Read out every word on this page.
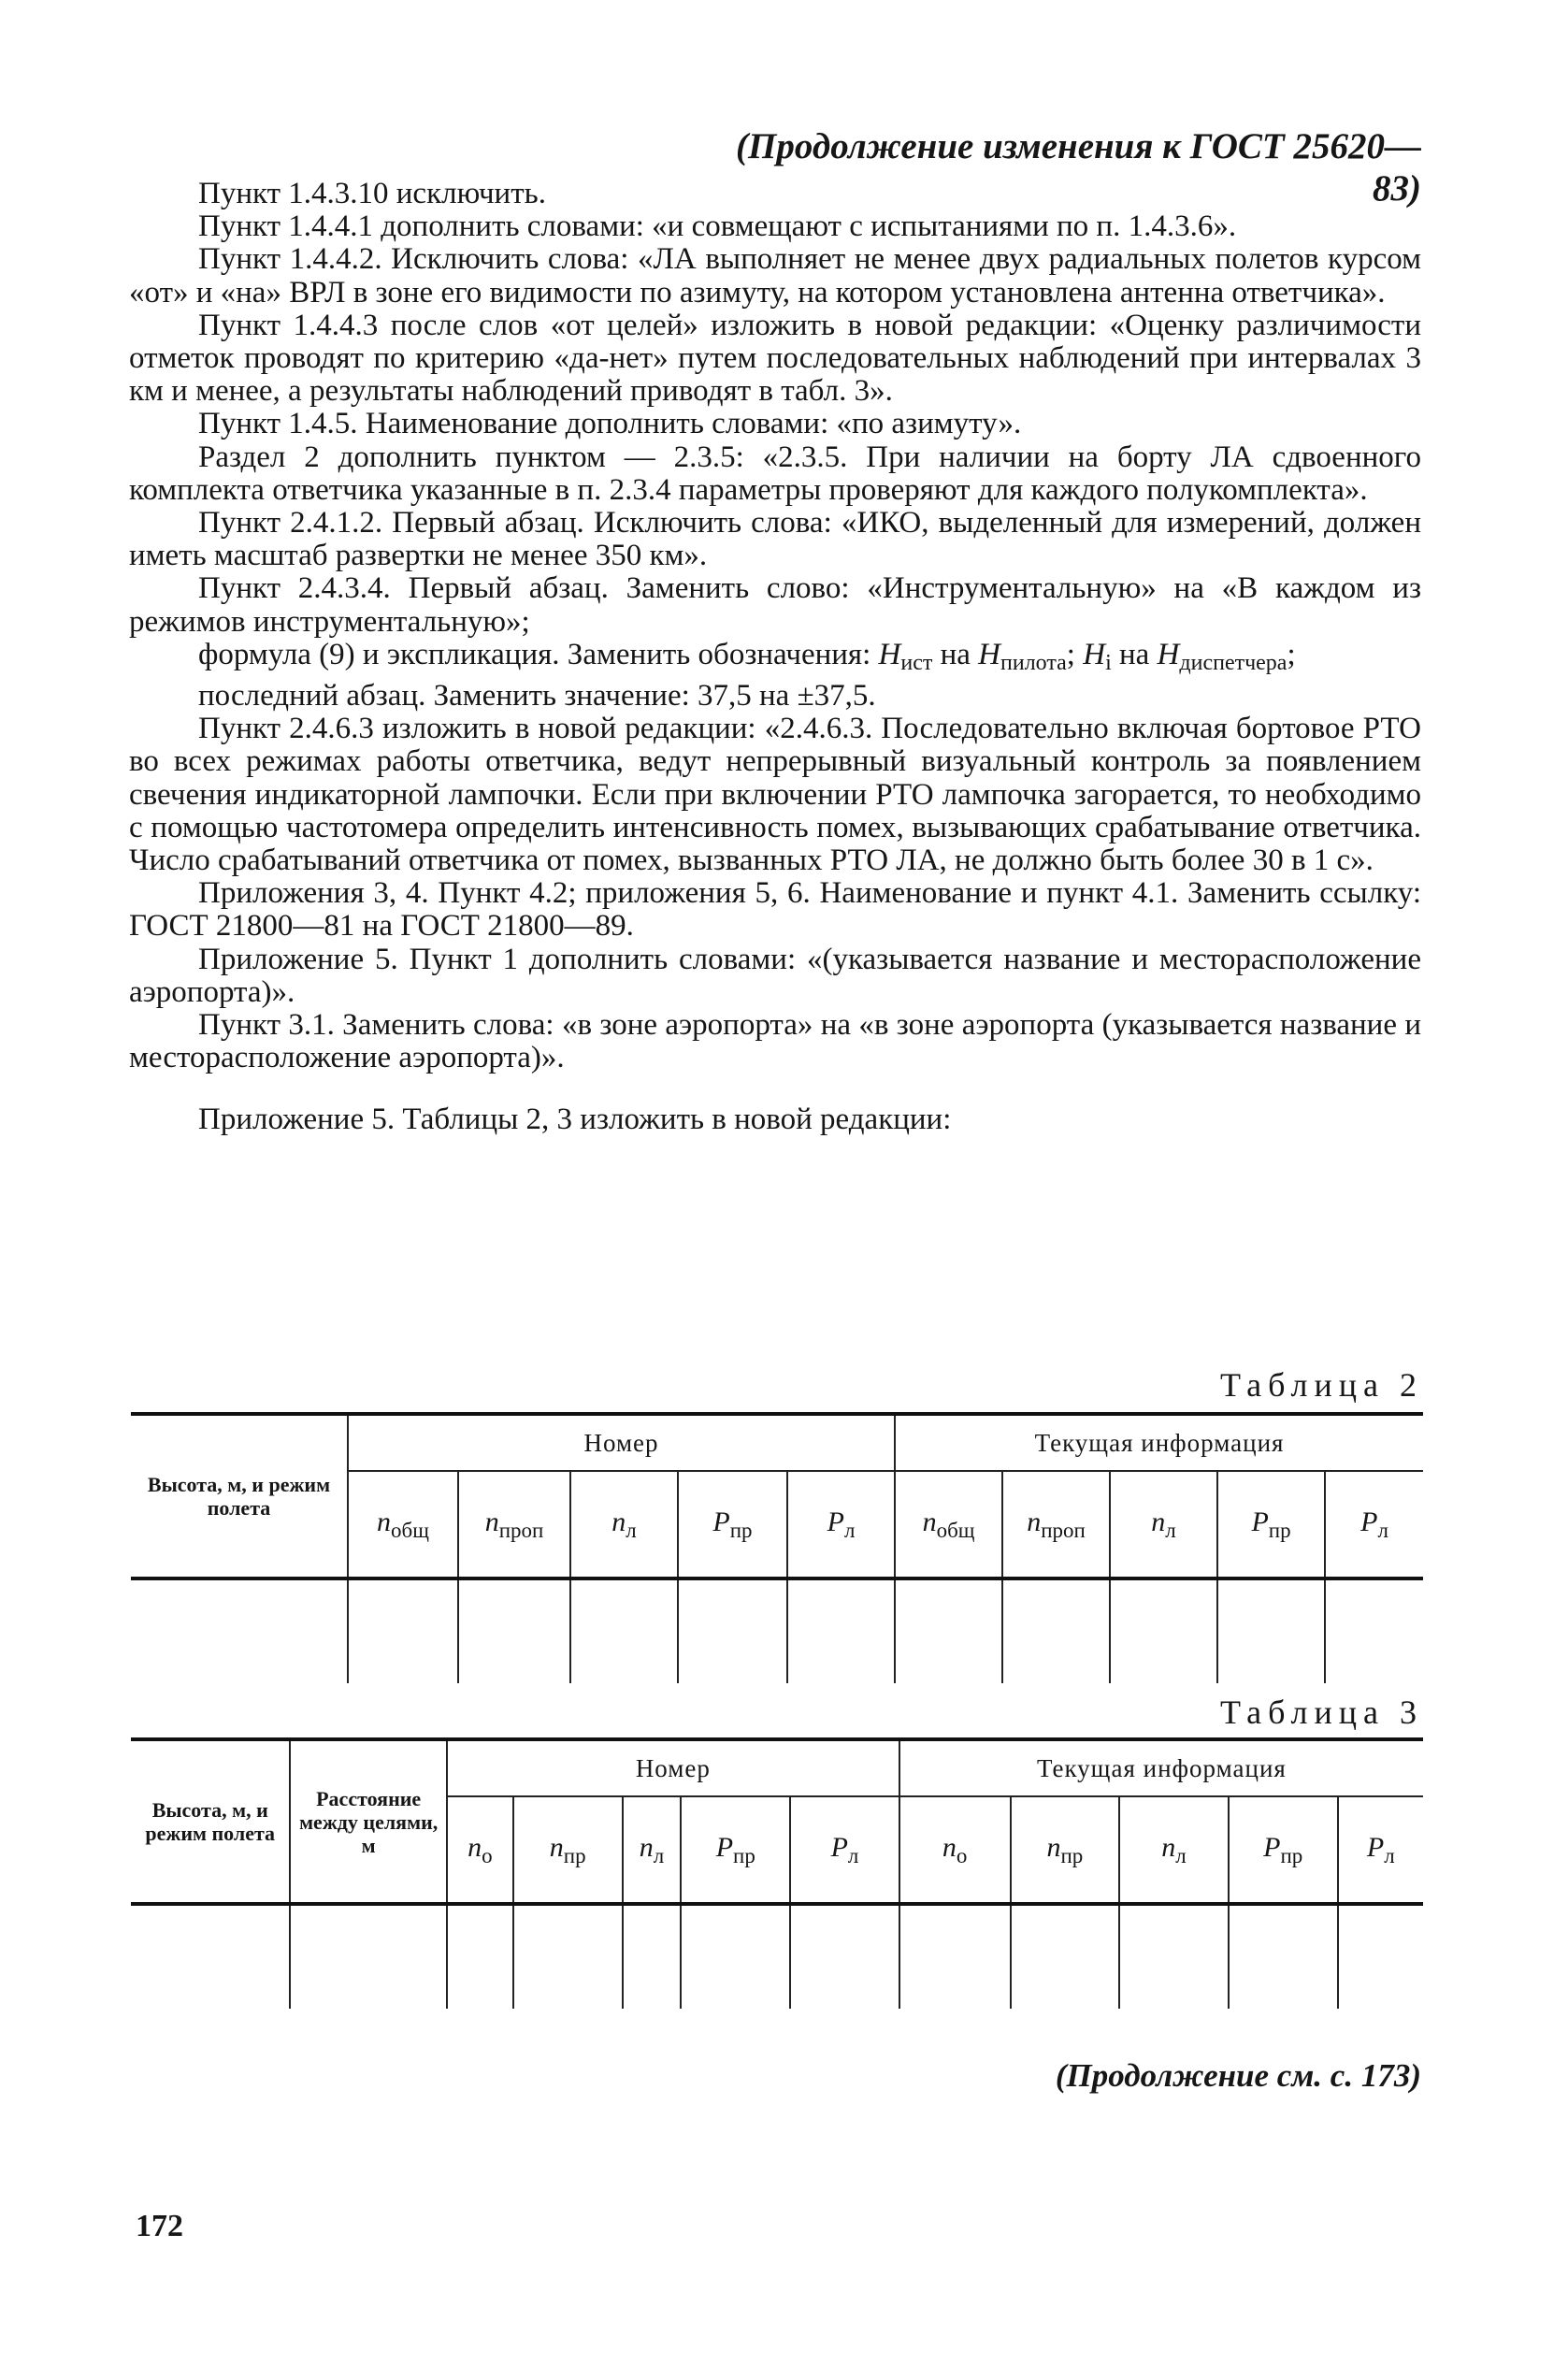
(Продолжение изменения к ГОСТ 25620—83)

Пункт 1.4.3.10 исключить.

Пункт 1.4.4.1 дополнить словами: «и совмещают с испытаниями по п. 1.4.3.6».

Пункт 1.4.4.2. Исключить слова: «ЛА выполняет не менее двух радиальных полетов курсом «от» и «на» ВРЛ в зоне его видимости по азимуту, на котором установлена антенна ответчика».

Пункт 1.4.4.3 после слов «от целей» изложить в новой редакции: «Оценку различимости отметок проводят по критерию «да-нет» путем последовательных наблюдений при интервалах 3 км и менее, а результаты наблюдений приводят в табл. 3».

Пункт 1.4.5. Наименование дополнить словами: «по азимуту».

Раздел 2 дополнить пунктом — 2.3.5: «2.3.5. При наличии на борту ЛА сдвоенного комплекта ответчика указанные в п. 2.3.4 параметры проверяют для каждого полукомплекта».

Пункт 2.4.1.2. Первый абзац. Исключить слова: «ИКО, выделенный для измерений, должен иметь масштаб развертки не менее 350 км».

Пункт 2.4.3.4. Первый абзац. Заменить слово: «Инструментальную» на «В каждом из режимов инструментальную»;

формула (9) и экспликация. Заменить обозначения: $H_{ист}$ на $H_{пилота}$; $H_i$ на $H_{диспетчера}$;

последний абзац. Заменить значение: 37,5 на ±37,5.

Пункт 2.4.6.3 изложить в новой редакции: «2.4.6.3. Последовательно включая бортовое РТО во всех режимах работы ответчика, ведут непрерывный визуальный контроль за появлением свечения индикаторной лампочки. Если при включении РТО лампочка загорается, то необходимо с помощью частотомера определить интенсивность помех, вызывающих срабатывание ответчика. Число срабатываний ответчика от помех, вызванных РТО ЛА, не должно быть более 30 в 1 с».

Приложения 3, 4. Пункт 4.2; приложения 5, 6. Наименование и пункт 4.1. Заменить ссылку: ГОСТ 21800—81 на ГОСТ 21800—89.

Приложение 5. Пункт 1 дополнить словами: «(указывается название и месторасположение аэропорта)».

Пункт 3.1. Заменить слова: «в зоне аэропорта» на «в зоне аэропорта (указывается название и месторасположение аэропорта)».

Приложение 5. Таблицы 2, 3 изложить в новой редакции:

Таблица 2
Высота, м, и режим полета	Номер					Текущая информация				
	$n_{общ}$	$n_{проп}$	$n_л$	$P_{пр}$	$P_л$	$n_{общ}$	$n_{проп}$	$n_л$	$P_{пр}$	$P_л$

Таблица 3
Высота, м, и режим полета	Расстояние между целями, м	Номер					Текущая информация				
		$n_о$	$n_{пр}$	$n_л$	$P_{пр}$	$P_л$	$n_о$	$n_{пр}$	$n_л$	$P_{пр}$	$P_л$

(Продолжение см. с. 173)
172
